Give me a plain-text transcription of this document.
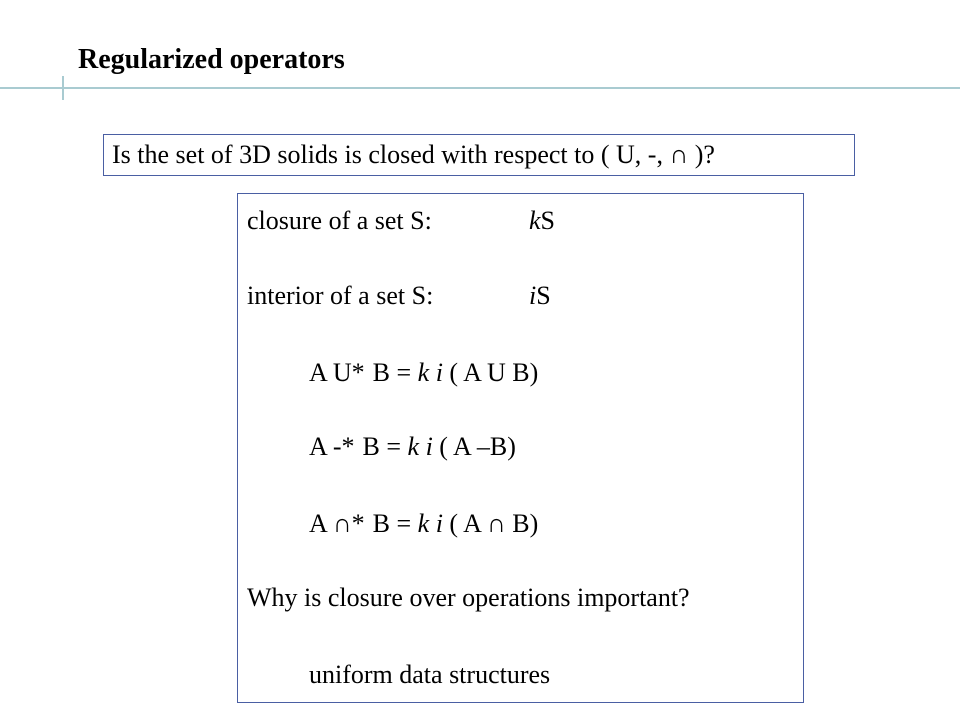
Regularized operators
Is the set of 3D solids is closed with respect to ( U, -, ∩ )?
closure of a set S:	kS
interior of a set S:	iS
A U* B = k i ( A U B)
A -* B = k i ( A –B)
A ∩* B = k i ( A ∩ B)
Why is closure over operations important?
uniform data structures
